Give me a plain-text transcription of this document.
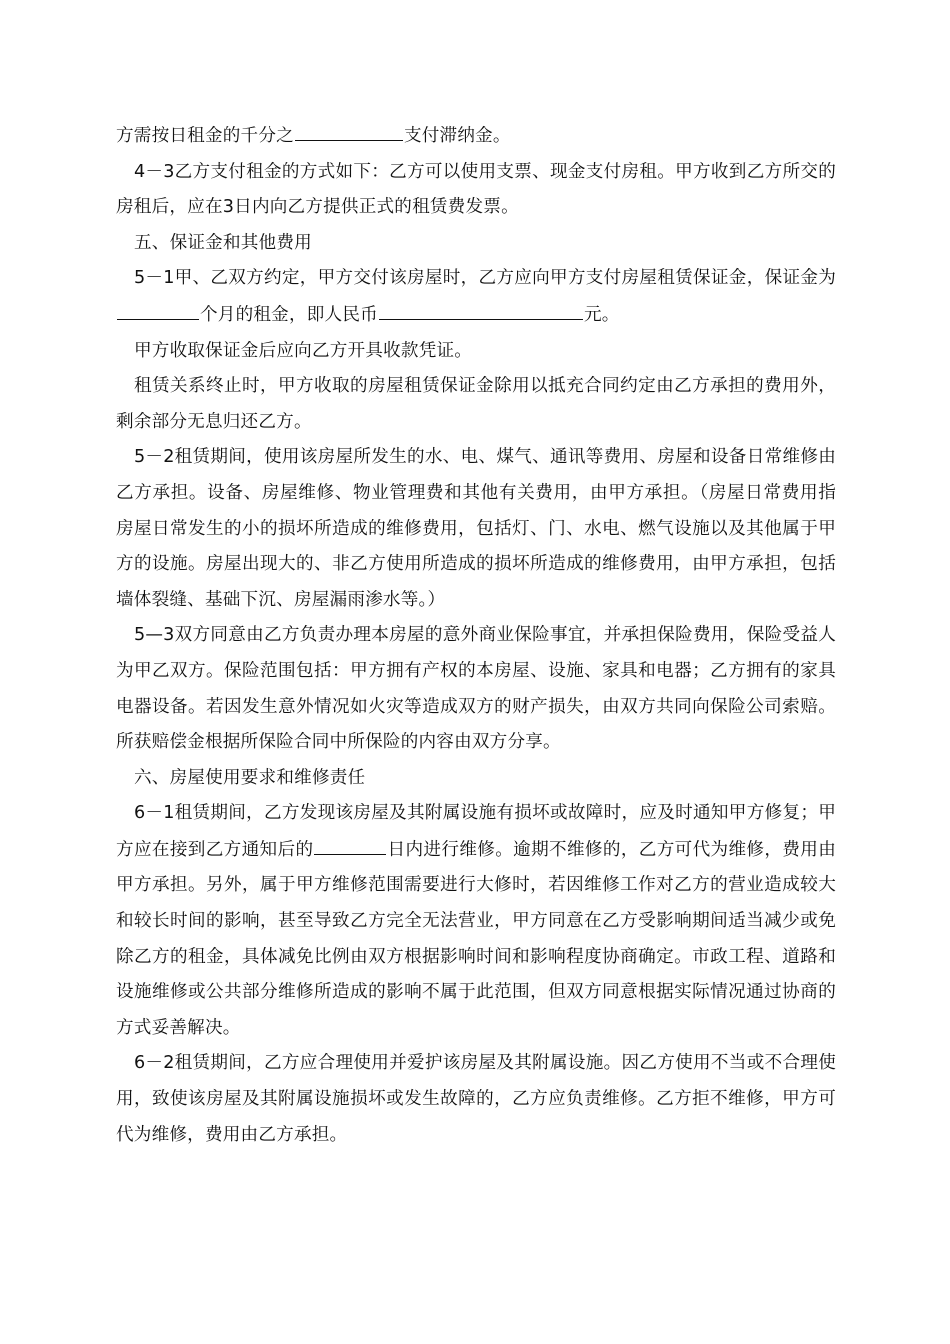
方需按日租金的千分之	支付滞纳金。

4－3乙方支付租金的方式如下：乙方可以使用支票、现金支付房租。甲方收到乙方所交的房租后，应在3日内向乙方提供正式的租赁费发票。

五、保证金和其他费用

5－1甲、乙双方约定，甲方交付该房屋时，乙方应向甲方支付房屋租赁保证金，保证金为个月的租金，即人民币	元。

甲方收取保证金后应向乙方开具收款凭证。

租赁关系终止时，甲方收取的房屋租赁保证金除用以抵充合同约定由乙方承担的费用外，剩余部分无息归还乙方。

5－2租赁期间，使用该房屋所发生的水、电、煤气、通讯等费用、房屋和设备日常维修由乙方承担。设备、房屋维修、物业管理费和其他有关费用，由甲方承担。（房屋日常费用指房屋日常发生的小的损坏所造成的维修费用，包括灯、门、水电、燃气设施以及其他属于甲方的设施。房屋出现大的、非乙方使用所造成的损坏所造成的维修费用，由甲方承担，包括墙体裂缝、基础下沉、房屋漏雨渗水等。）

5—3双方同意由乙方负责办理本房屋的意外商业保险事宜，并承担保险费用，保险受益人为甲乙双方。保险范围包括：甲方拥有产权的本房屋、设施、家具和电器；乙方拥有的家具电器设备。若因发生意外情况如火灾等造成双方的财产损失，由双方共同向保险公司索赔。所获赔偿金根据所保险合同中所保险的内容由双方分享。

六、房屋使用要求和维修责任

6－1租赁期间，乙方发现该房屋及其附属设施有损坏或故障时，应及时通知甲方修复；甲方应在接到乙方通知后的	日内进行维修。逾期不维修的，乙方可代为维修，费用由甲方承担。另外，属于甲方维修范围需要进行大修时，若因维修工作对乙方的营业造成较大和较长时间的影响，甚至导致乙方完全无法营业，甲方同意在乙方受影响期间适当减少或免除乙方的租金，具体减免比例由双方根据影响时间和影响程度协商确定。市政工程、道路和设施维修或公共部分维修所造成的影响不属于此范围，但双方同意根据实际情况通过协商的方式妥善解决。

6－2租赁期间，乙方应合理使用并爱护该房屋及其附属设施。因乙方使用不当或不合理使用，致使该房屋及其附属设施损坏或发生故障的，乙方应负责维修。乙方拒不维修，甲方可代为维修，费用由乙方承担。
